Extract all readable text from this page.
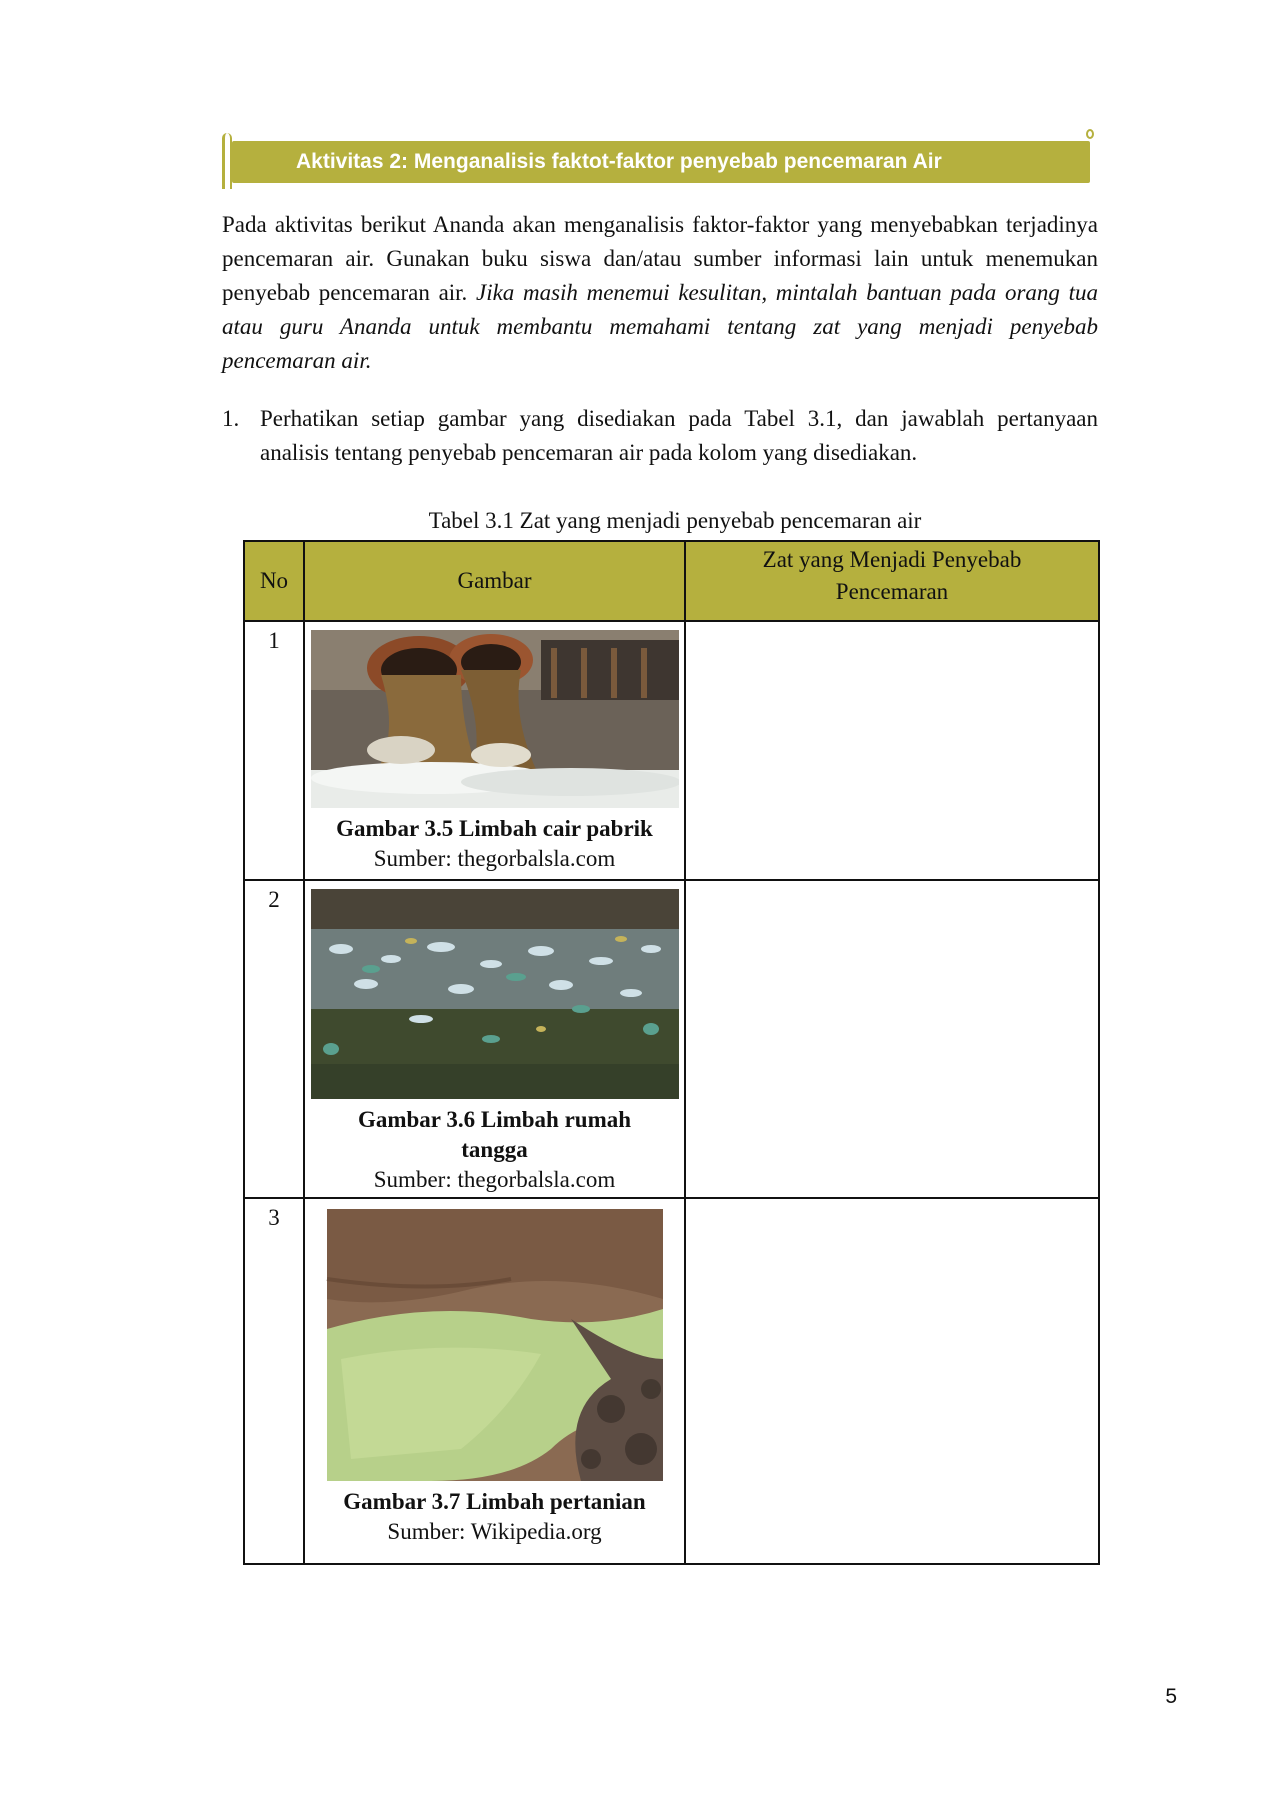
Aktivitas 2: Menganalisis faktot-faktor penyebab pencemaran Air

Pada aktivitas berikut Ananda akan menganalisis faktor-faktor yang menyebabkan terjadinya pencemaran air. Gunakan buku siswa dan/atau sumber informasi lain untuk menemukan penyebab pencemaran air. Jika masih menemui kesulitan, mintalah bantuan pada orang tua atau guru Ananda untuk membantu memahami tentang zat yang menjadi penyebab pencemaran air.

1. Perhatikan setiap gambar yang disediakan pada Tabel 3.1, dan jawablah pertanyaan analisis tentang penyebab pencemaran air pada kolom yang disediakan.
Tabel 3.1 Zat yang menjadi penyebab pencemaran air
No	Gambar	Zat yang Menjadi Penyebab Pencemaran
1	Gambar 3.5 Limbah cair pabrik
Sumber: thegorbalsla.com	

2	Gambar 3.6 Limbah rumah tangga
Sumber: thegorbalsla.com	

3	Gambar 3.7 Limbah pertanian
Sumber: Wikipedia.org	

5
